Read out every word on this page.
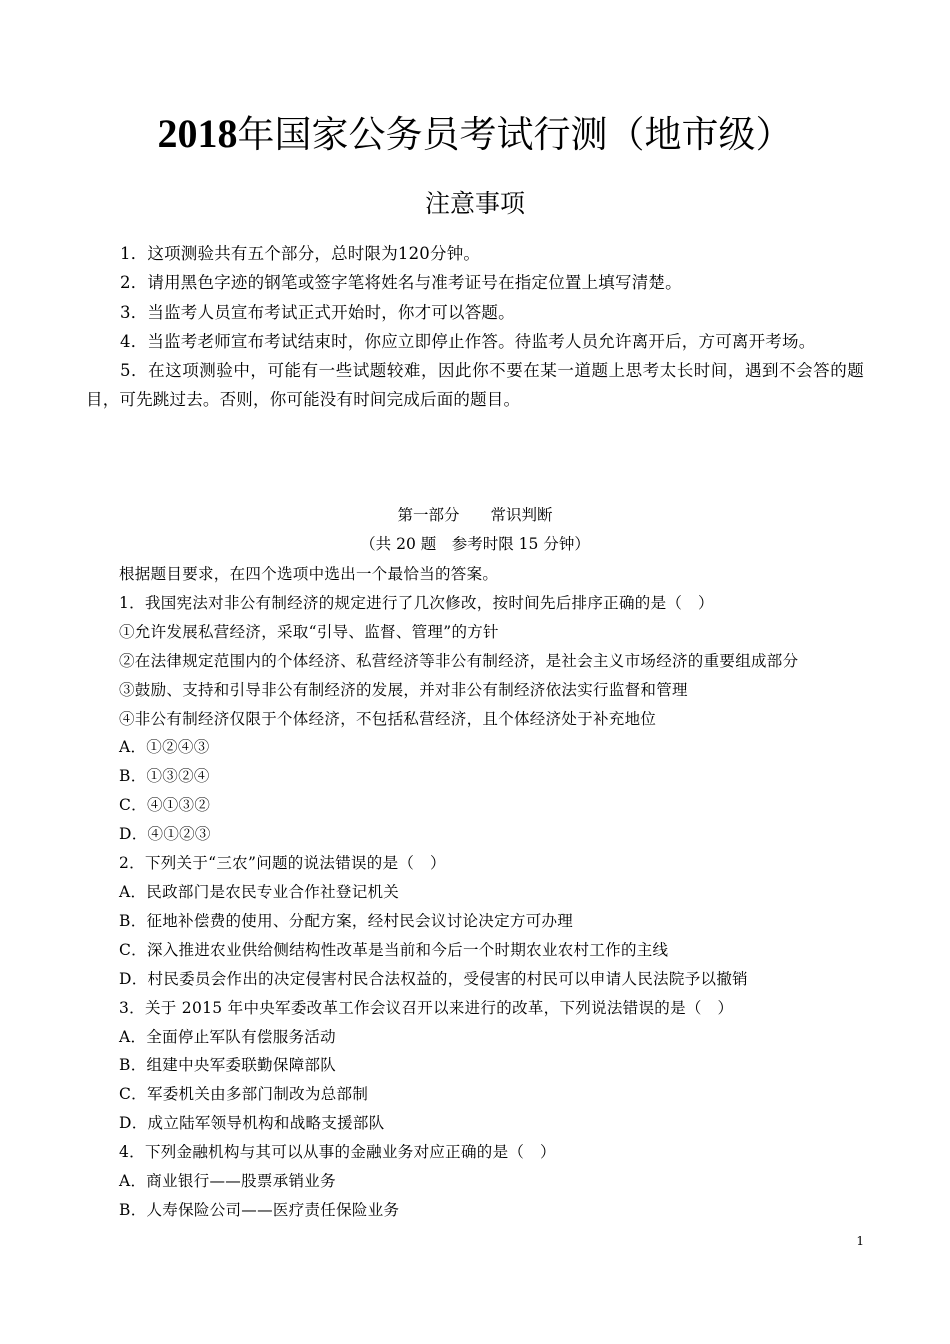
2018年国家公务员考试行测（地市级）
注意事项

1．这项测验共有五个部分，总时限为120分钟。

2．请用黑色字迹的钢笔或签字笔将姓名与准考证号在指定位置上填写清楚。

3．当监考人员宣布考试正式开始时，你才可以答题。

4．当监考老师宣布考试结束时，你应立即停止作答。待监考人员允许离开后，方可离开考场。

5．在这项测验中，可能有一些试题较难，因此你不要在某一道题上思考太长时间，遇到不会答的题目，可先跳过去。否则，你可能没有时间完成后面的题目。

第一部分　　常识判断
（共 20 题　参考时限 15 分钟）
根据题目要求，在四个选项中选出一个最恰当的答案。
1．我国宪法对非公有制经济的规定进行了几次修改，按时间先后排序正确的是（　）
①允许发展私营经济，采取“引导、监督、管理”的方针
②在法律规定范围内的个体经济、私营经济等非公有制经济，是社会主义市场经济的重要组成部分
③鼓励、支持和引导非公有制经济的发展，并对非公有制经济依法实行监督和管理
④非公有制经济仅限于个体经济，不包括私营经济，且个体经济处于补充地位
A．①②④③
B．①③②④
C．④①③②
D．④①②③
2．下列关于“三农”问题的说法错误的是（　）
A．民政部门是农民专业合作社登记机关
B．征地补偿费的使用、分配方案，经村民会议讨论决定方可办理
C．深入推进农业供给侧结构性改革是当前和今后一个时期农业农村工作的主线
D．村民委员会作出的决定侵害村民合法权益的，受侵害的村民可以申请人民法院予以撤销
3．关于 2015 年中央军委改革工作会议召开以来进行的改革，下列说法错误的是（　）
A．全面停止军队有偿服务活动
B．组建中央军委联勤保障部队
C．军委机关由多部门制改为总部制
D．成立陆军领导机构和战略支援部队
4．下列金融机构与其可以从事的金融业务对应正确的是（　）
A．商业银行——股票承销业务
B．人寿保险公司——医疗责任保险业务
1
